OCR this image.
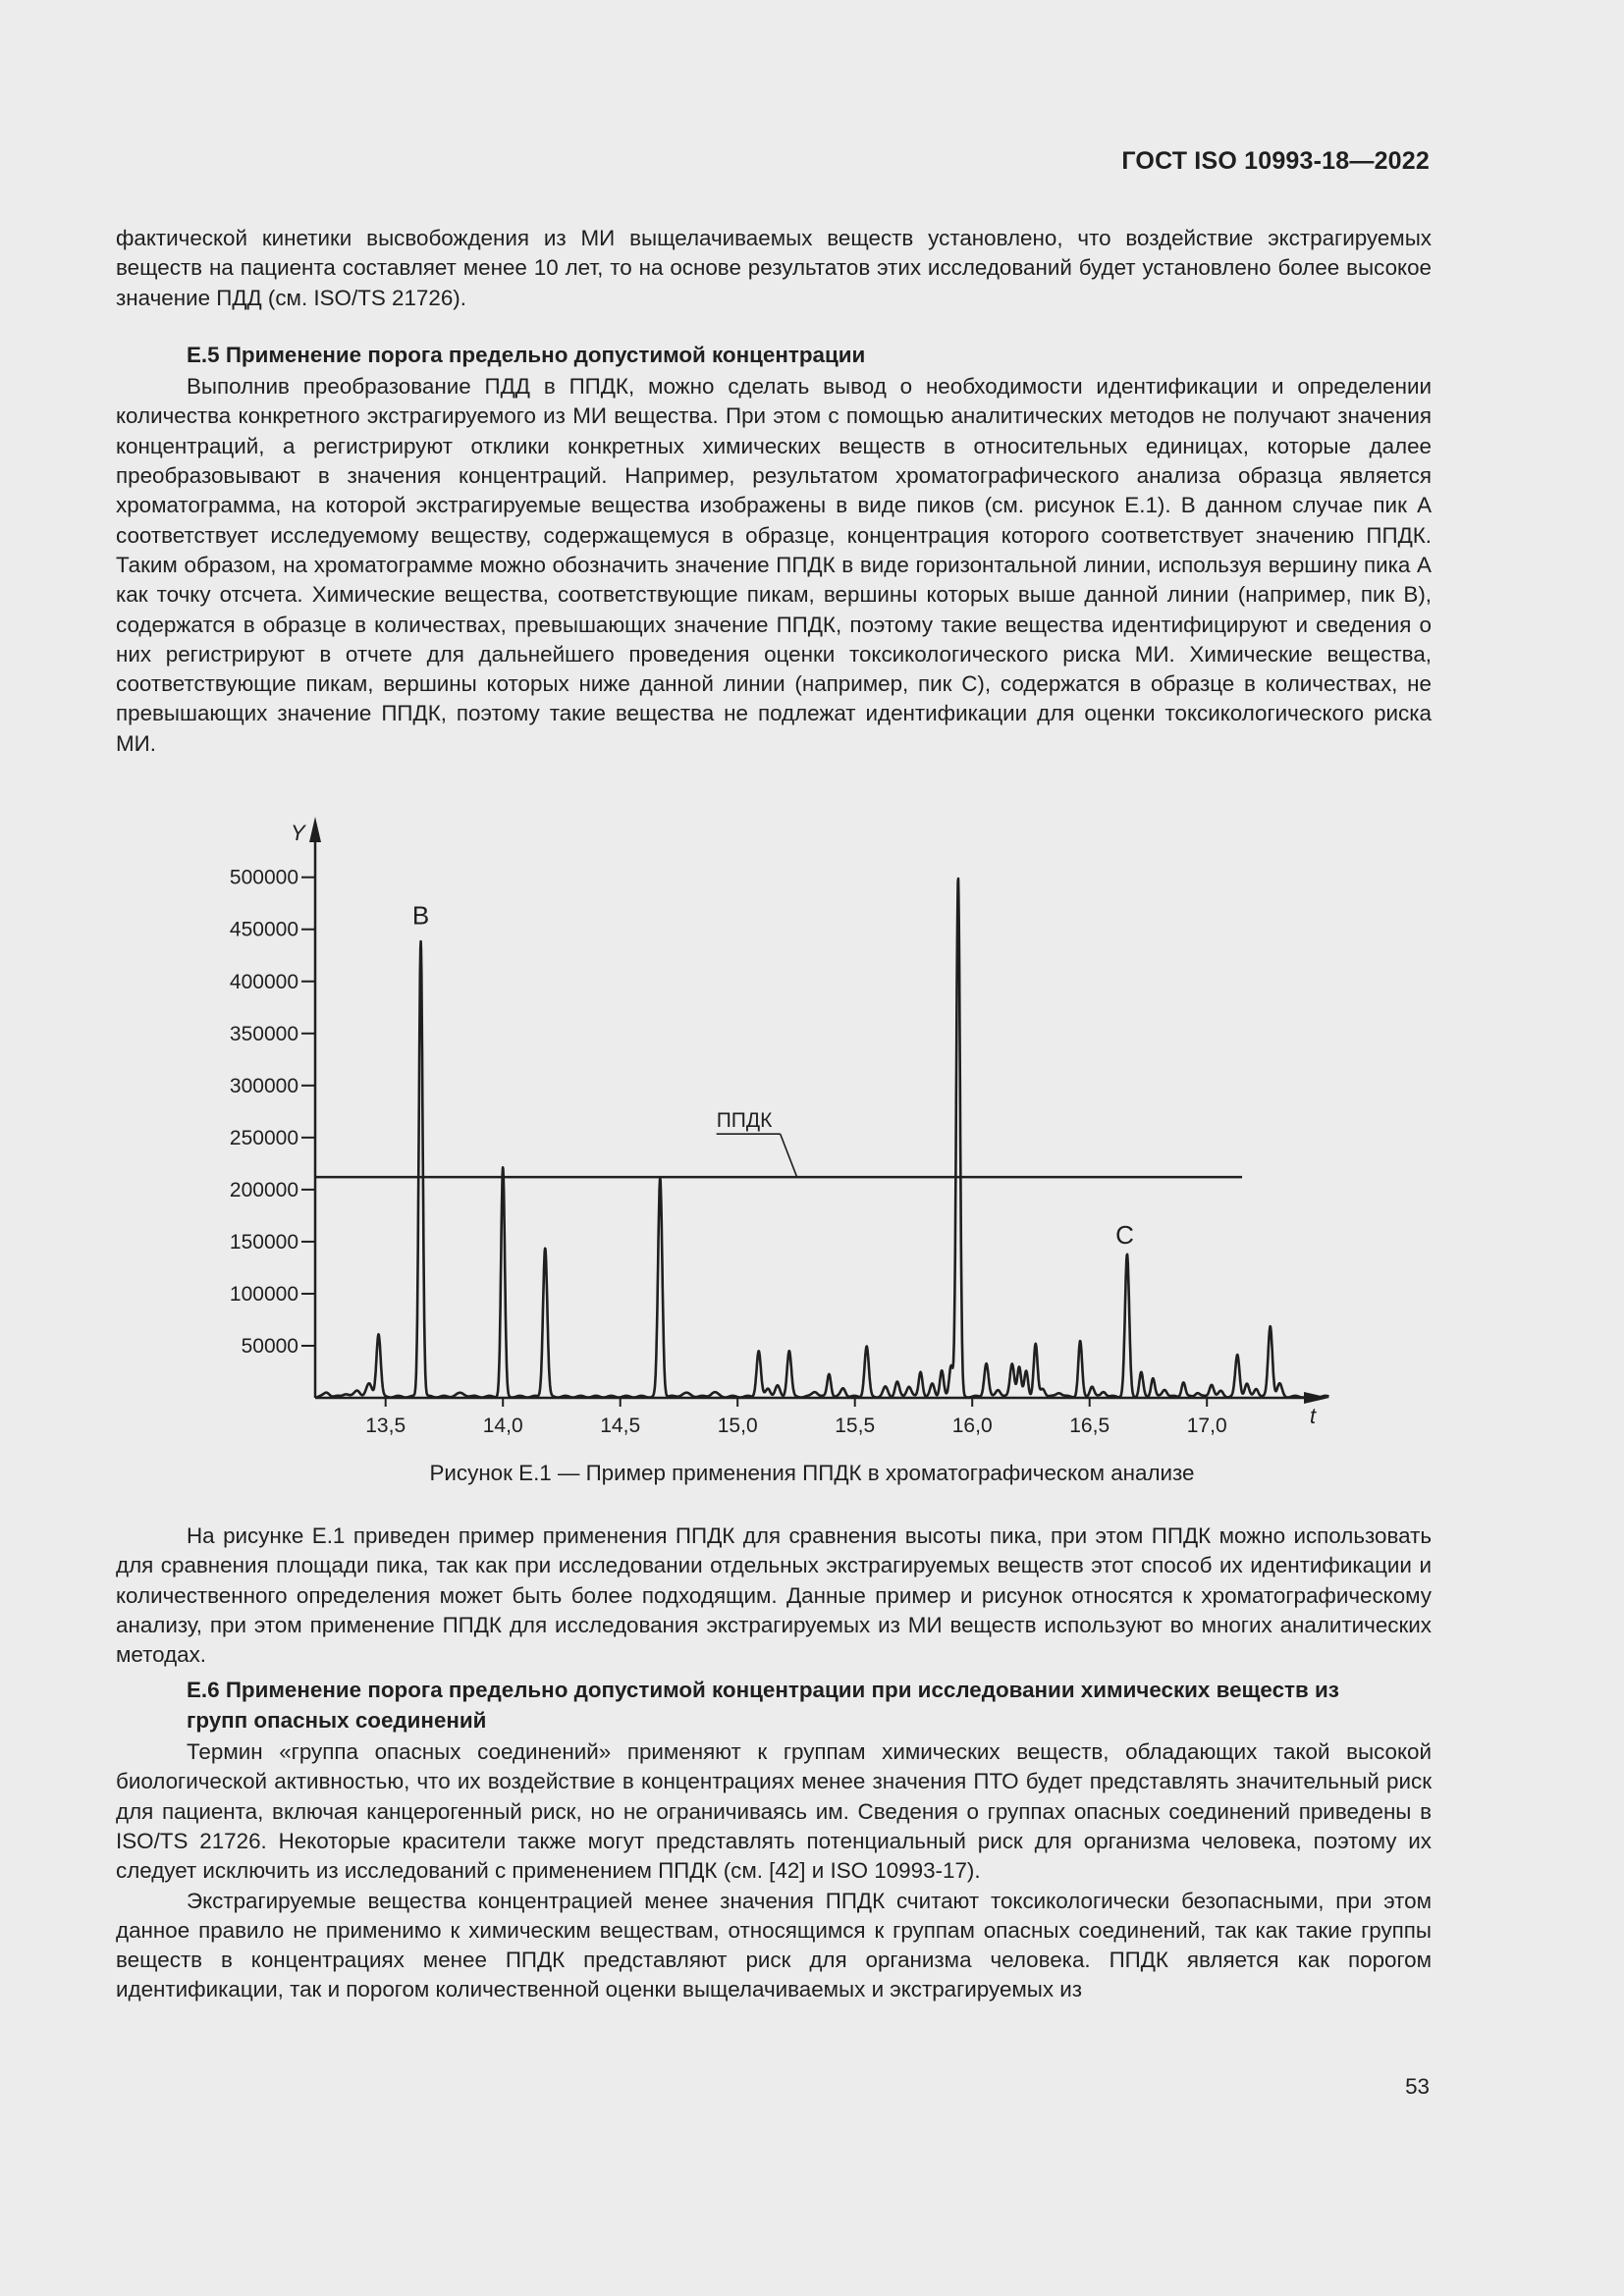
ГОСТ ISO 10993-18—2022

фактической кинетики высвобождения из МИ выщелачиваемых веществ установлено, что воздействие экстрагируемых веществ на пациента составляет менее 10 лет, то на основе результатов этих исследований будет установлено более высокое значение ПДД (см. ISO/TS 21726).

Е.5 Применение порога предельно допустимой концентрации

Выполнив преобразование ПДД в ППДК, можно сделать вывод о необходимости идентификации и определении количества конкретного экстрагируемого из МИ вещества. При этом с помощью аналитических методов не получают значения концентраций, а регистрируют отклики конкретных химических веществ в относительных единицах, которые далее преобразовывают в значения концентраций. Например, результатом хроматографического анализа образца является хроматограмма, на которой экстрагируемые вещества изображены в виде пиков (см. рисунок Е.1). В данном случае пик А соответствует исследуемому веществу, содержащемуся в образце, концентрация которого соответствует значению ППДК. Таким образом, на хроматограмме можно обозначить значение ППДК в виде горизонтальной линии, используя вершину пика А как точку отсчета. Химические вещества, соответствующие пикам, вершины которых выше данной линии (например, пик В), содержатся в образце в количествах, превышающих значение ППДК, поэтому такие вещества идентифицируют и сведения о них регистрируют в отчете для дальнейшего проведения оценки токсикологического риска МИ. Химические вещества, соответствующие пикам, вершины которых ниже данной линии (например, пик С), содержатся в образце в количествах, не превышающих значение ППДК, поэтому такие вещества не подлежат идентификации для оценки токсикологического риска МИ.

Y
t
50000
100000
150000
200000
250000
300000
350000
400000
450000
500000
13,5	14,0	14,5	15,0	15,5	16,0	16,5	17,0
ППДК
B
C
Рисунок Е.1 — Пример применения ППДК в хроматографическом анализе

На рисунке Е.1 приведен пример применения ППДК для сравнения высоты пика, при этом ППДК можно использовать для сравнения площади пика, так как при исследовании отдельных экстрагируемых веществ этот способ их идентификации и количественного определения может быть более подходящим. Данные пример и рисунок относятся к хроматографическому анализу, при этом применение ППДК для исследования экстрагируемых из МИ веществ используют во многих аналитических методах.

Е.6 Применение порога предельно допустимой концентрации при исследовании химических веществ из групп опасных соединений

Термин «группа опасных соединений» применяют к группам химических веществ, обладающих такой высокой биологической активностью, что их воздействие в концентрациях менее значения ПТО будет представлять значительный риск для пациента, включая канцерогенный риск, но не ограничиваясь им. Сведения о группах опасных соединений приведены в ISO/TS 21726. Некоторые красители также могут представлять потенциальный риск для организма человека, поэтому их следует исключить из исследований с применением ППДК (см. [42] и ISO 10993-17).

Экстрагируемые вещества концентрацией менее значения ППДК считают токсикологически безопасными, при этом данное правило не применимо к химическим веществам, относящимся к группам опасных соединений, так как такие группы веществ в концентрациях менее ППДК представляют риск для организма человека. ППДК является как порогом идентификации, так и порогом количественной оценки выщелачиваемых и экстрагируемых из

53
